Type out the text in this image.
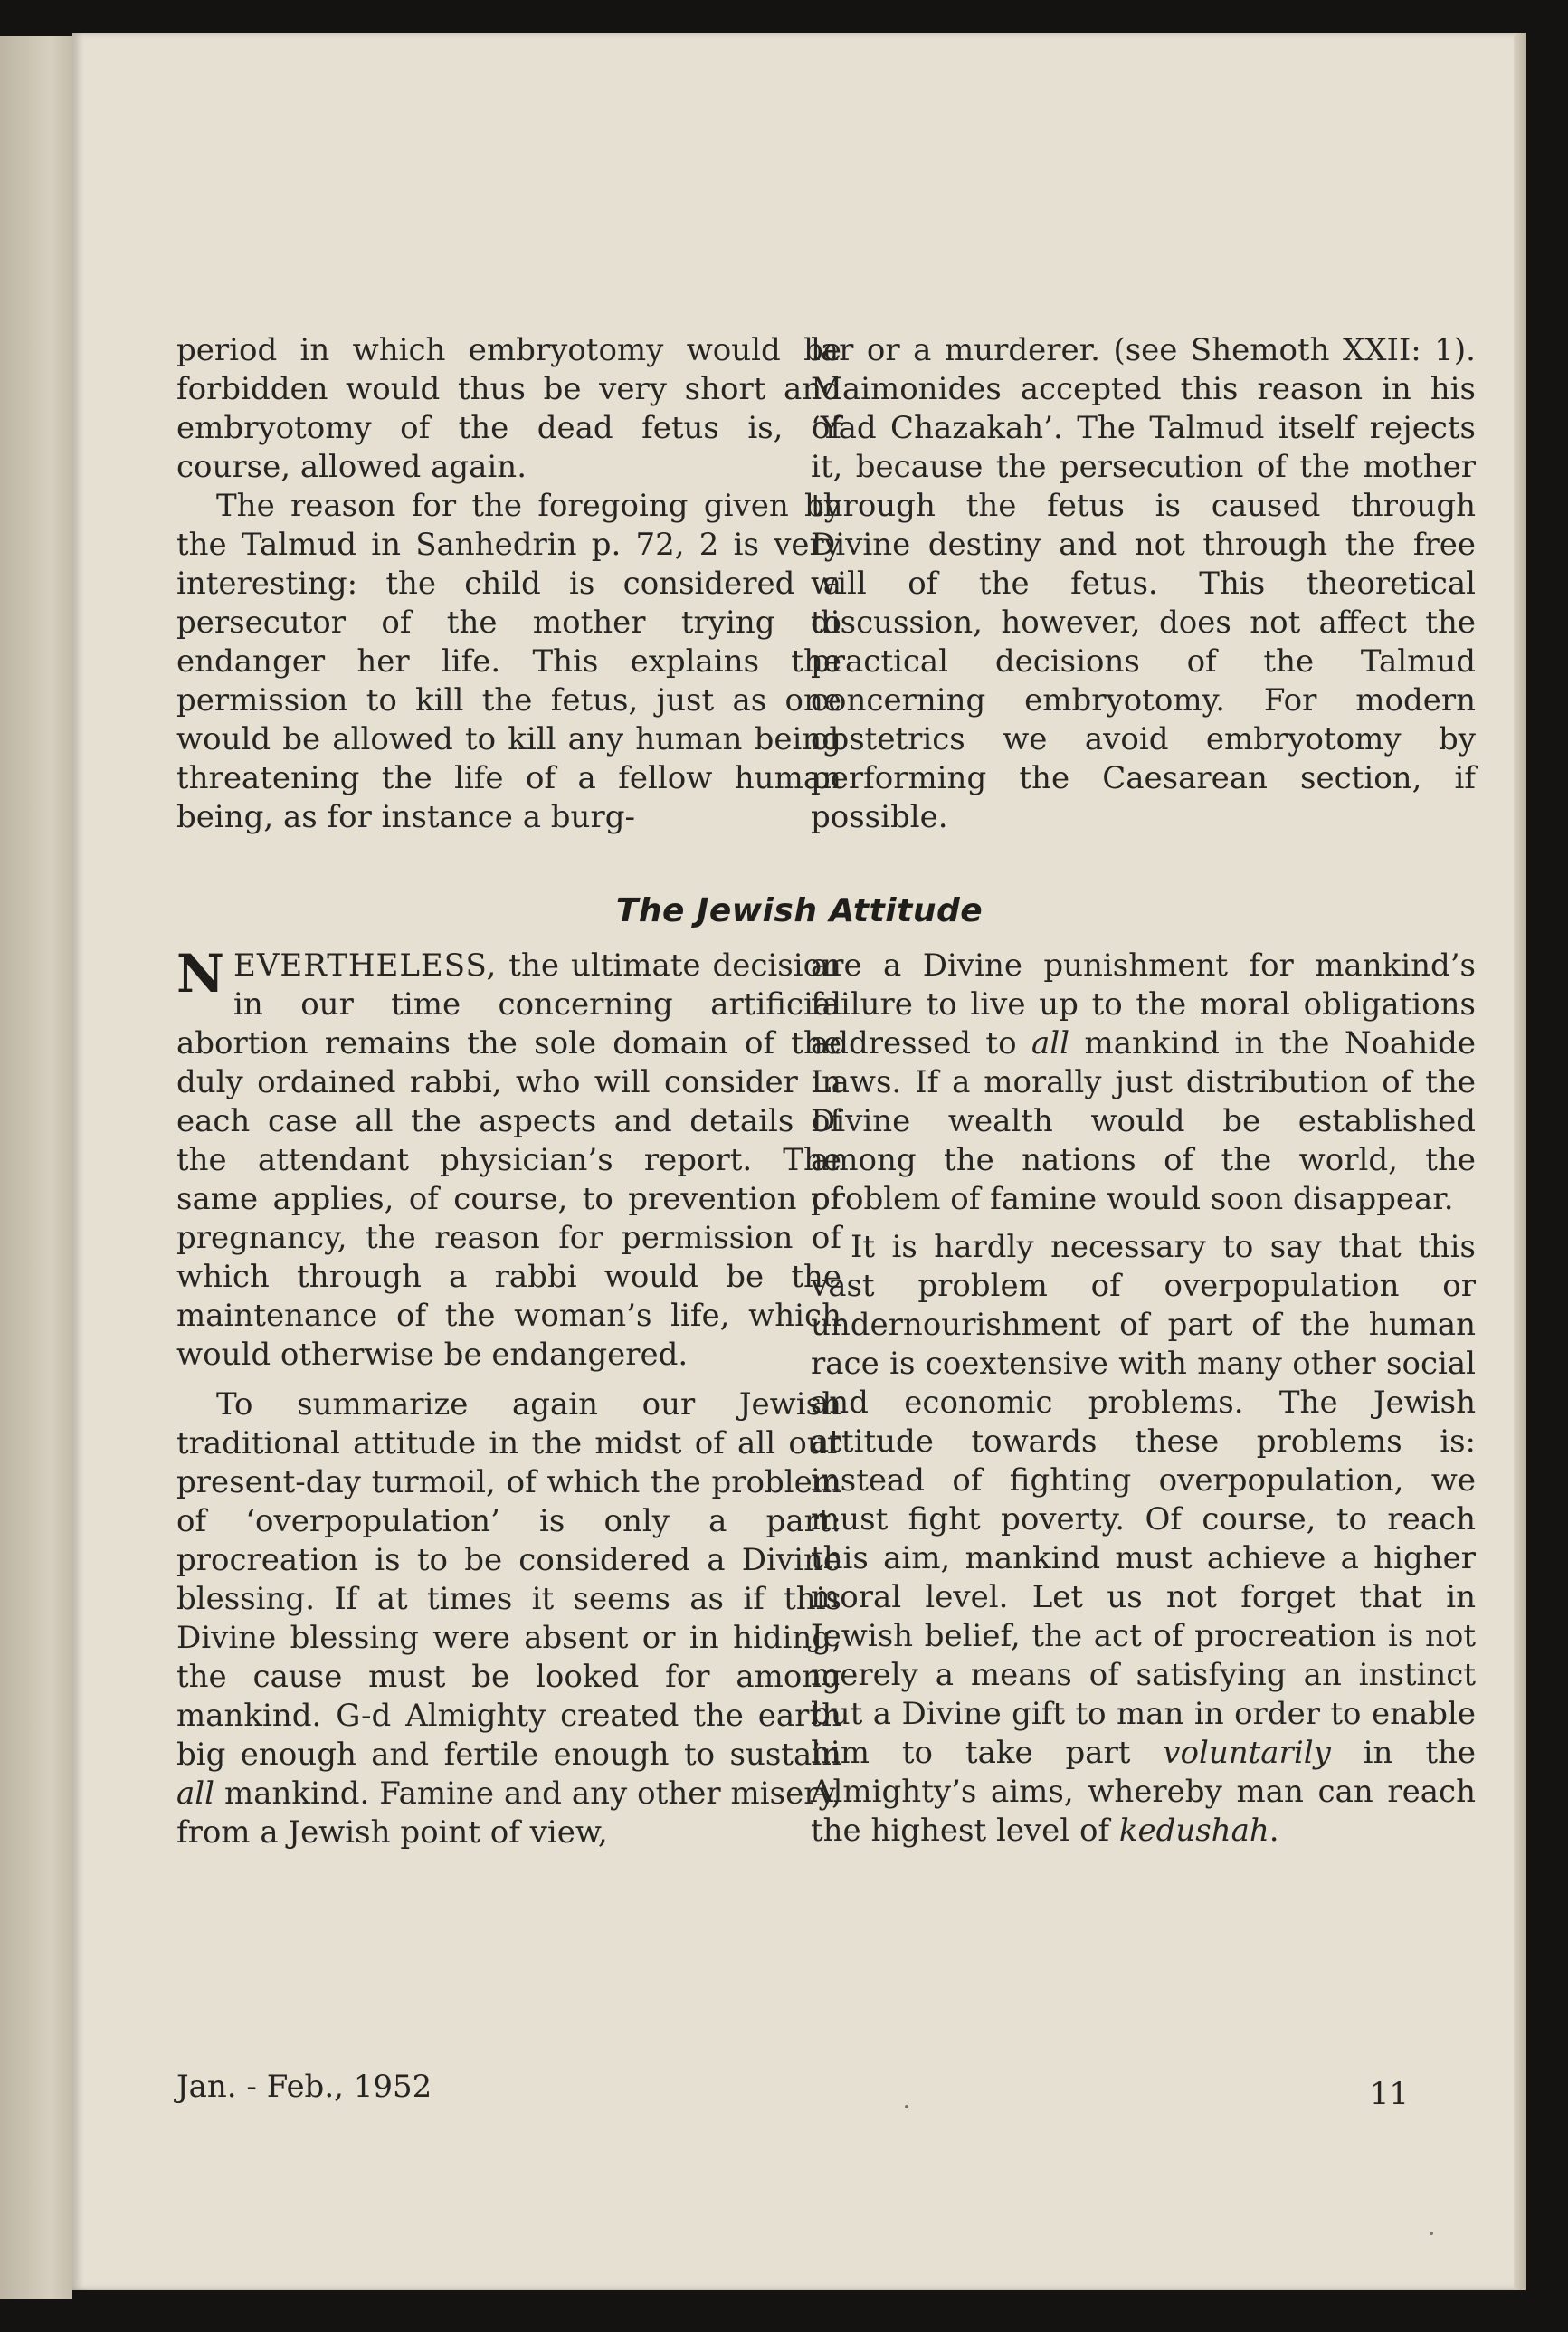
period in which embryotomy would be forbidden would thus be very short and embryotomy of the dead fetus is, of course, allowed again.

The reason for the foregoing given by the Talmud in Sanhedrin p. 72, 2 is very interesting: the child is considered a persecutor of the mother trying to endanger her life. This explains the permission to kill the fetus, just as one would be allowed to kill any human being threatening the life of a fellow human being, as for instance a burg-

lar or a murderer. (see Shemoth XXII: 1). Maimonides accepted this reason in his ‘Yad Chazakah’. The Talmud itself rejects it, because the persecution of the mother through the fetus is caused through Divine destiny and not through the free will of the fetus. This theoretical discussion, however, does not affect the practical decisions of the Talmud concerning embryotomy. For modern obstetrics we avoid embryotomy by performing the Caesarean section, if possible.

The Jewish Attitude

NEVERTHELESS, the ultimate decision in our time concerning artificial abortion remains the sole domain of the duly ordained rabbi, who will consider in each case all the aspects and details of the attendant physician’s report. The same applies, of course, to prevention of pregnancy, the reason for permission of which through a rabbi would be the maintenance of the woman’s life, which would otherwise be endangered.

To summarize again our Jewish traditional attitude in the midst of all our present-day turmoil, of which the problem of ‘overpopulation’ is only a part: procreation is to be considered a Divine blessing. If at times it seems as if this Divine blessing were absent or in hiding, the cause must be looked for among mankind. G-d Almighty created the earth big enough and fertile enough to sustain all mankind. Famine and any other misery, from a Jewish point of view,

are a Divine punishment for mankind’s failure to live up to the moral obligations addressed to all mankind in the Noahide Laws. If a morally just distribution of the Divine wealth would be established among the nations of the world, the problem of famine would soon disappear.

It is hardly necessary to say that this vast problem of overpopulation or undernourishment of part of the human race is coextensive with many other social and economic problems. The Jewish attitude towards these problems is: instead of fighting overpopulation, we must fight poverty. Of course, to reach this aim, mankind must achieve a higher moral level. Let us not forget that in Jewish belief, the act of procreation is not merely a means of satisfying an instinct but a Divine gift to man in order to enable him to take part voluntarily in the Almighty’s aims, whereby man can reach the highest level of kedushah.

Jan. - Feb., 1952	11
